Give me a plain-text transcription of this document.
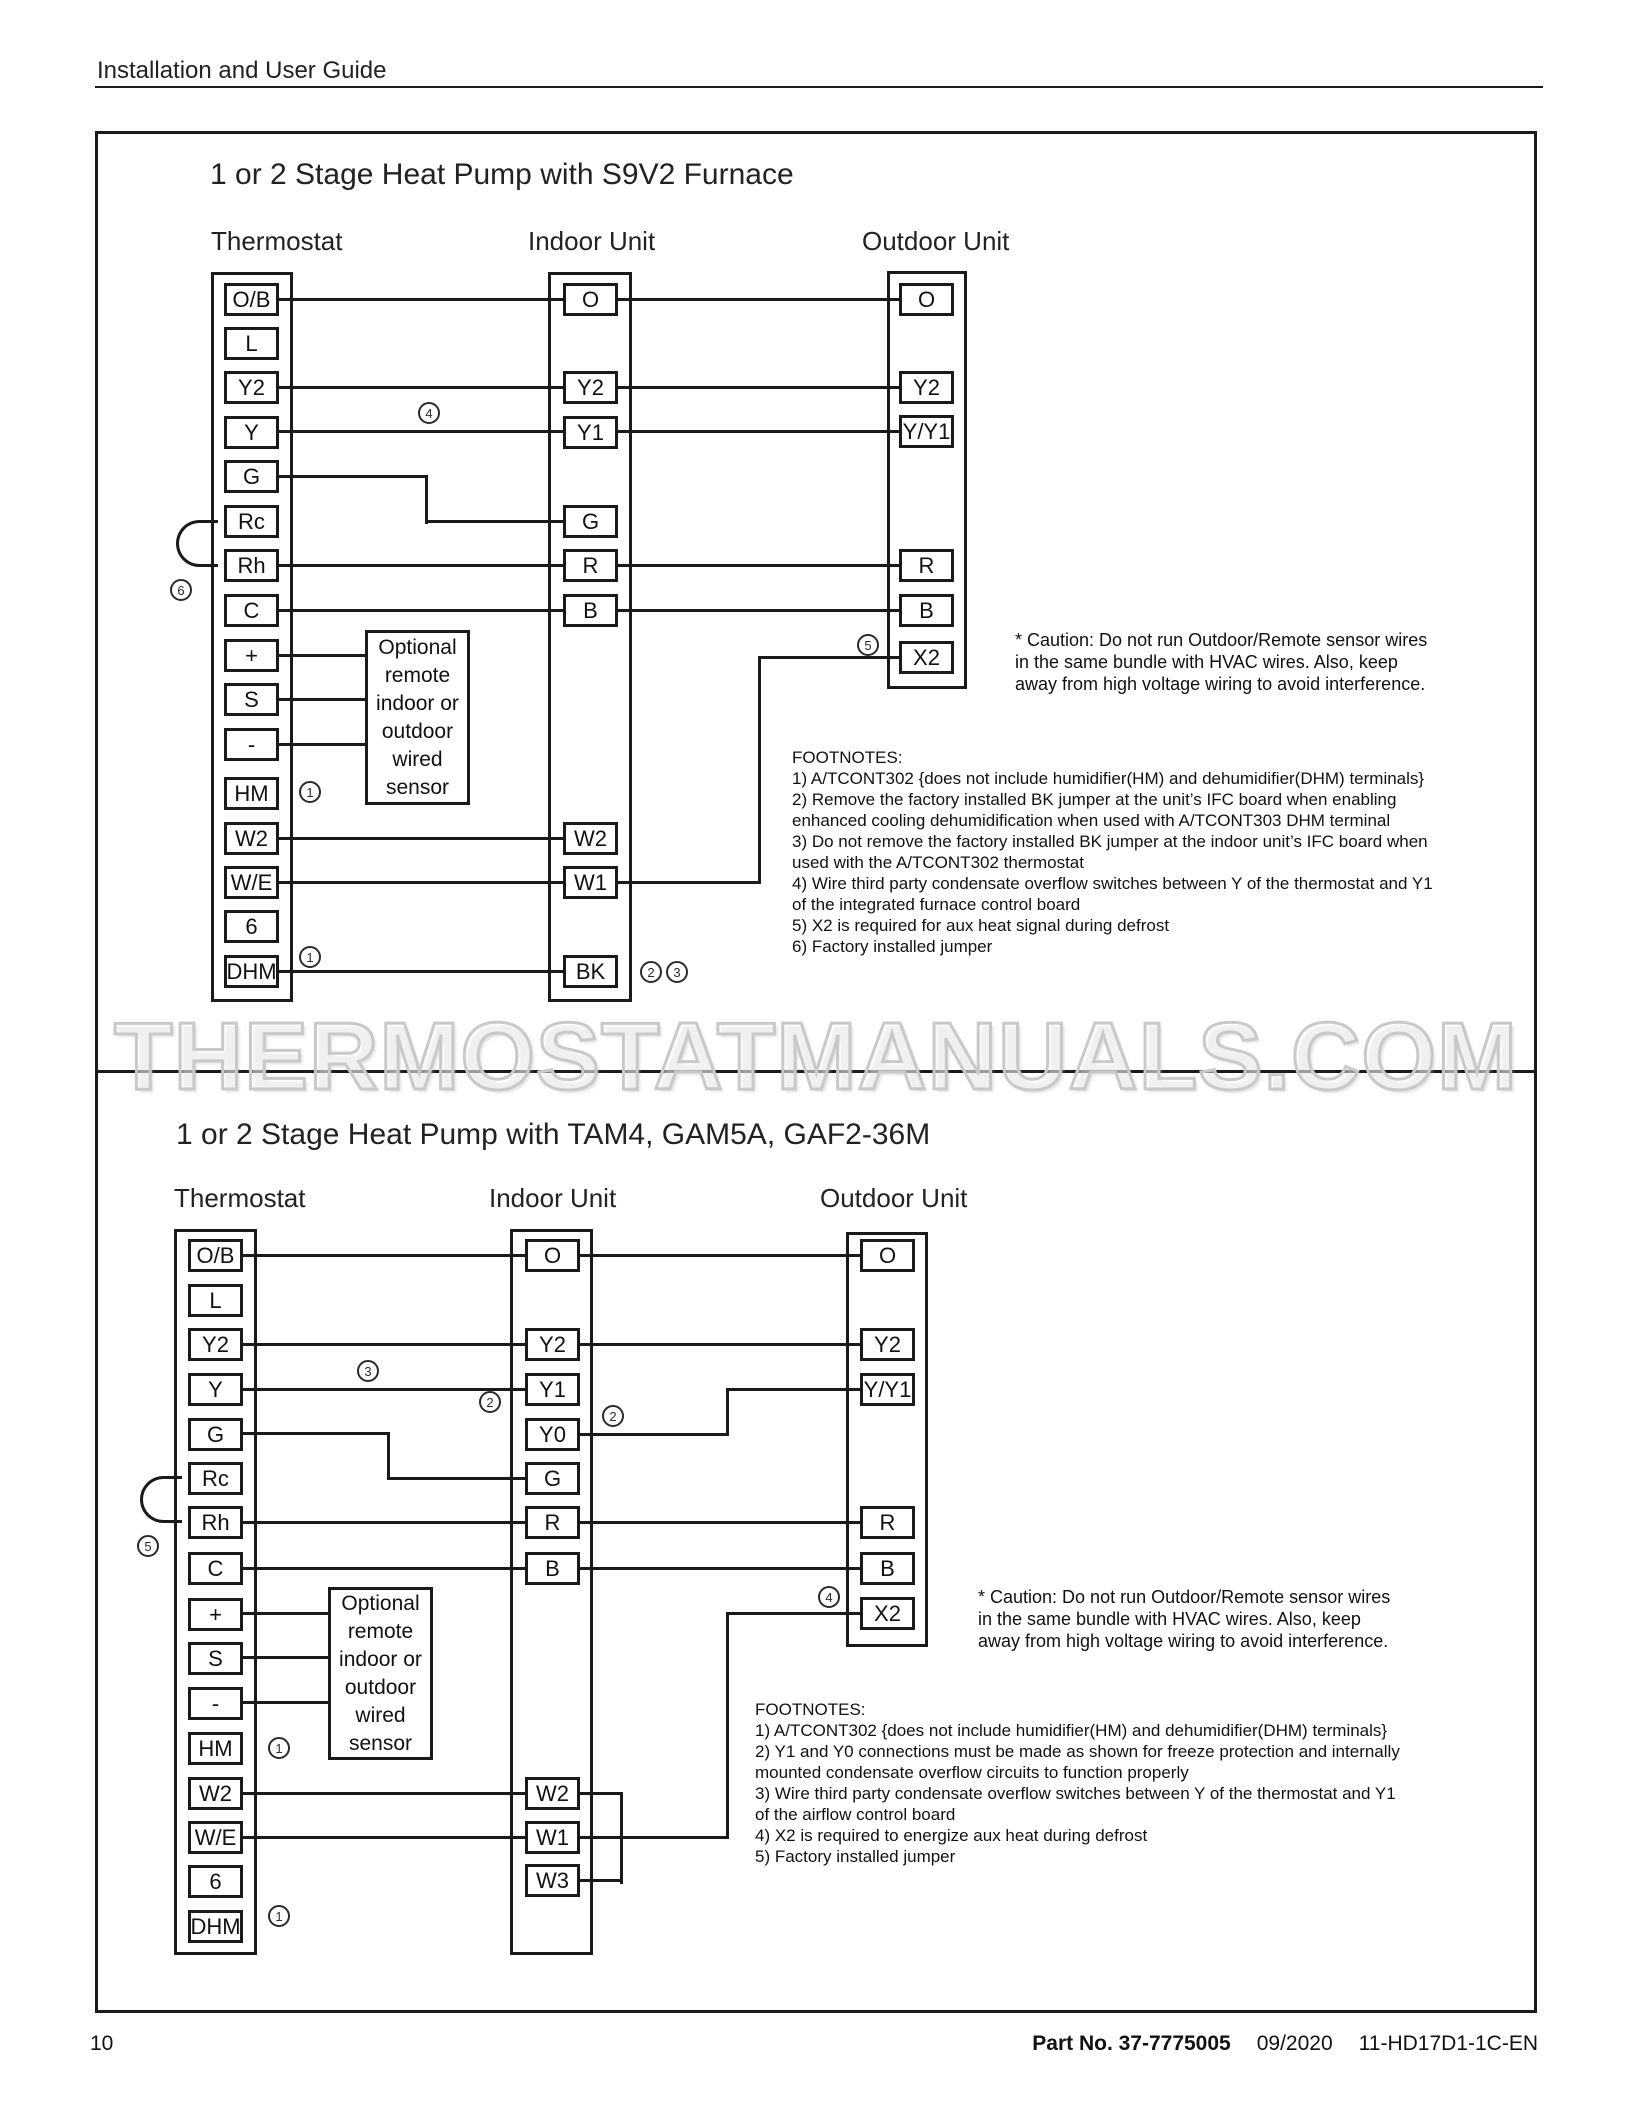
Installation and User Guide
1 or 2 Stage Heat Pump with S9V2 Furnace
Thermostat	Indoor Unit	Outdoor Unit
O/B
L
Y2
Y
G
Rc
Rh
C
+
S
-
HM
W2
W/E
6
DHM
O
Y2
Y1
G
R
B
W2
W1
BK
O
Y2
Y/Y1
R
B
X2
4
6
1
1
5
2	3
Optional
remote
indoor or
outdoor
wired
sensor
* Caution: Do not run Outdoor/Remote sensor wires
in the same bundle with HVAC wires. Also, keep
away from high voltage wiring to avoid interference.
FOOTNOTES:
1) A/TCONT302 {does not include humidifier(HM) and dehumidifier(DHM) terminals}
2) Remove the factory installed BK jumper at the unit’s IFC board when enabling
enhanced cooling dehumidification when used with A/TCONT303 DHM terminal
3) Do not remove the factory installed BK jumper at the indoor unit’s IFC board when
used with the A/TCONT302 thermostat
4) Wire third party condensate overflow switches between Y of the thermostat and Y1
of the integrated furnace control board
5) X2 is required for aux heat signal during defrost
6) Factory installed jumper
1 or 2 Stage Heat Pump with TAM4, GAM5A, GAF2-36M
Thermostat	Indoor Unit	Outdoor Unit
O/B
L
Y2
Y
G
Rc
Rh
C
+
S
-
HM
W2
W/E
6
DHM
O
Y2
Y1
Y0
G
R
B
W2
W1
W3
O
Y2
Y/Y1
R
B
X2
3
2
2
5
4
1
1
Optional
remote
indoor or
outdoor
wired
sensor
* Caution: Do not run Outdoor/Remote sensor wires
in the same bundle with HVAC wires. Also, keep
away from high voltage wiring to avoid interference.
FOOTNOTES:
1) A/TCONT302 {does not include humidifier(HM) and dehumidifier(DHM) terminals}
2) Y1 and Y0 connections must be made as shown for freeze protection and internally
mounted condensate overflow circuits to function properly
3) Wire third party condensate overflow switches between Y of the thermostat and Y1
of the airflow control board
4) X2 is required to energize aux heat during defrost
5) Factory installed jumper
THERMOSTATMANUALS.COM
10	Part No. 37-7775005 09/2020 11-HD17D1-1C-EN
